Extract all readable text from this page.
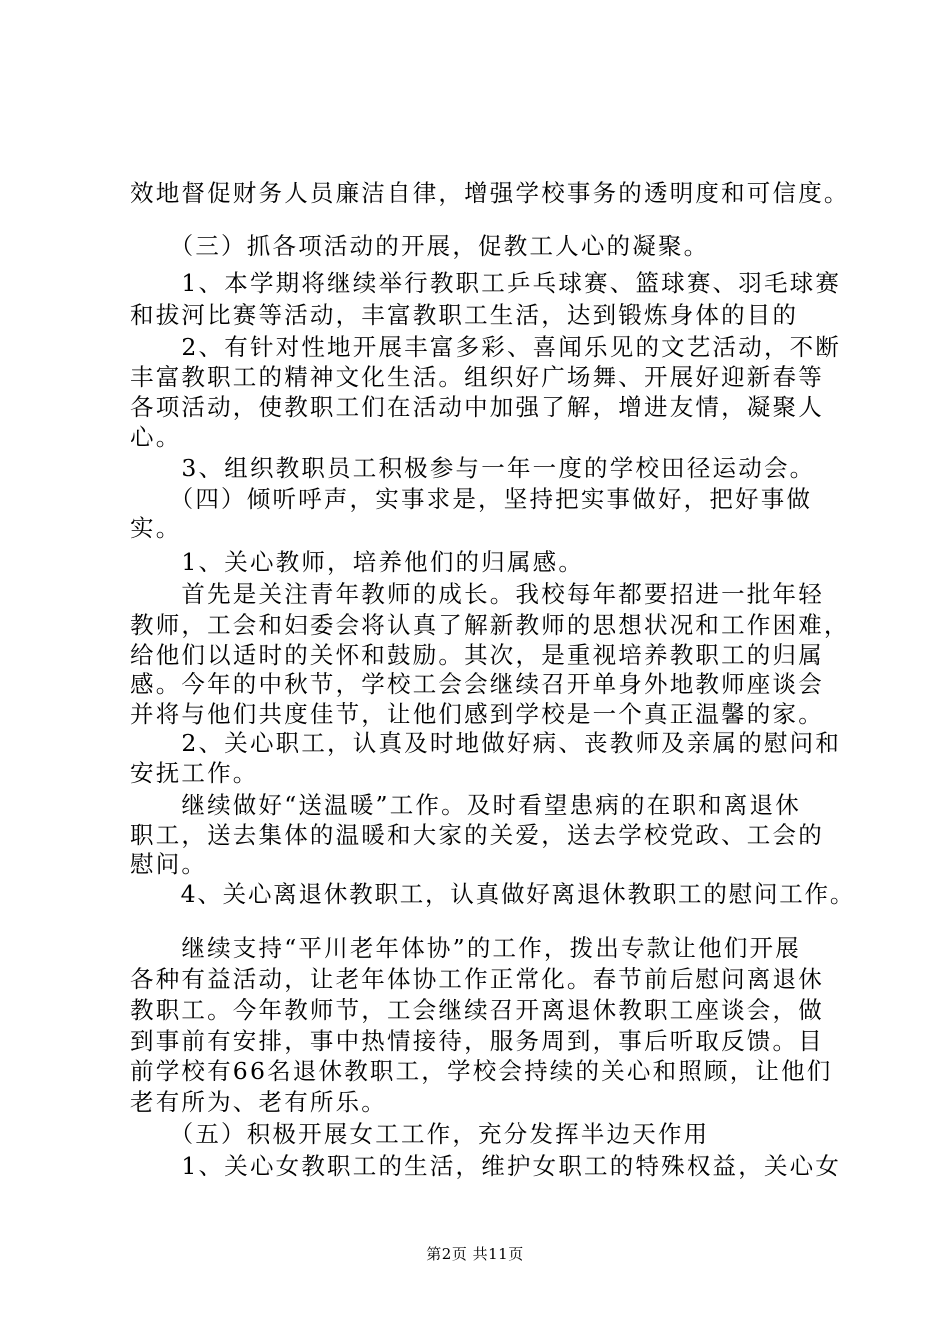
效地督促财务人员廉洁自律，增强学校事务的透明度和可信度。
　　（三）抓各项活动的开展，促教工人心的凝聚。
　　1、本学期将继续举行教职工乒乓球赛、篮球赛、羽毛球赛
和拔河比赛等活动，丰富教职工生活，达到锻炼身体的目的
　　2、有针对性地开展丰富多彩、喜闻乐见的文艺活动，不断
丰富教职工的精神文化生活。组织好广场舞、开展好迎新春等
各项活动，使教职工们在活动中加强了解，增进友情，凝聚人
心。
　　3、组织教职员工积极参与一年一度的学校田径运动会。
　　（四）倾听呼声，实事求是，坚持把实事做好，把好事做
实。
　　1、关心教师，培养他们的归属感。
　　首先是关注青年教师的成长。我校每年都要招进一批年轻
教师，工会和妇委会将认真了解新教师的思想状况和工作困难，
给他们以适时的关怀和鼓励。其次，是重视培养教职工的归属
感。今年的中秋节，学校工会会继续召开单身外地教师座谈会
并将与他们共度佳节，让他们感到学校是一个真正温馨的家。
　　2、关心职工，认真及时地做好病、丧教师及亲属的慰问和
安抚工作。
　　继续做好“送温暖”工作。及时看望患病的在职和离退休
职工，送去集体的温暖和大家的关爱，送去学校党政、工会的
慰问。
　　4、关心离退休教职工，认真做好离退休教职工的慰问工作。
　　继续支持“平川老年体协”的工作，拨出专款让他们开展
各种有益活动，让老年体协工作正常化。春节前后慰问离退休
教职工。今年教师节，工会继续召开离退休教职工座谈会，做
到事前有安排，事中热情接待，服务周到，事后听取反馈。目
前学校有66名退休教职工，学校会持续的关心和照顾，让他们
老有所为、老有所乐。
　　（五）积极开展女工工作，充分发挥半边天作用
　　1、关心女教职工的生活，维护女职工的特殊权益，关心女
第2页 共11页
